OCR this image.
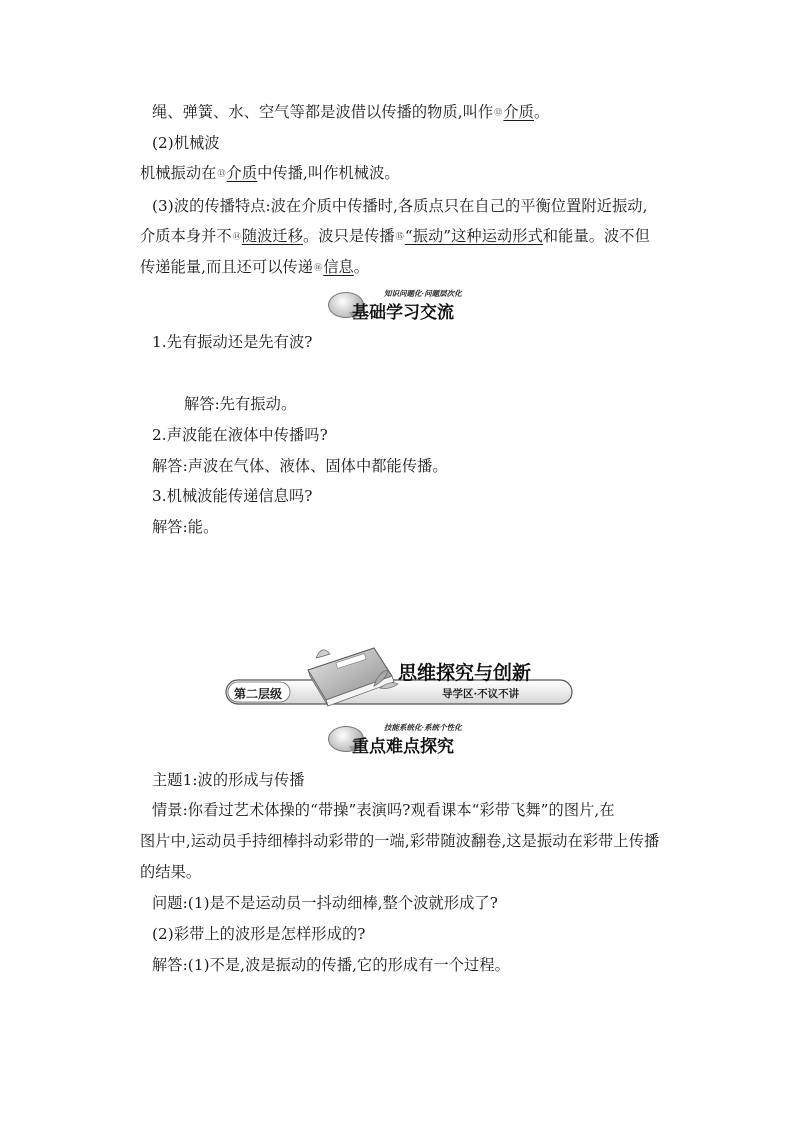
绳、弹簧、水、空气等都是波借以传播的物质,叫作⑫介质。
(2)机械波
机械振动在⑬介质中传播,叫作机械波。
(3)波的传播特点:波在介质中传播时,各质点只在自己的平衡位置附近振动,
介质本身并不⑭随波迁移。波只是传播⑮“振动”这种运动形式和能量。波不但
传递能量,而且还可以传递⑯信息。
1.先有振动还是先有波?
解答:先有振动。
2.声波能在液体中传播吗?
解答:声波在气体、液体、固体中都能传播。
3.机械波能传递信息吗?
解答:能。
主题1:波的形成与传播
情景:你看过艺术体操的“带操”表演吗?观看课本“彩带飞舞”的图片,在
图片中,运动员手持细棒抖动彩带的一端,彩带随波翻卷,这是振动在彩带上传播
的结果。
问题:(1)是不是运动员一抖动细棒,整个波就形成了?
(2)彩带上的波形是怎样形成的?
解答:(1)不是,波是振动的传播,它的形成有一个过程。
知识问题化·问题层次化
基础学习交流
第二层级
思维探究与创新
导学区·不议不讲
技能系统化·系统个性化
重点难点探究
